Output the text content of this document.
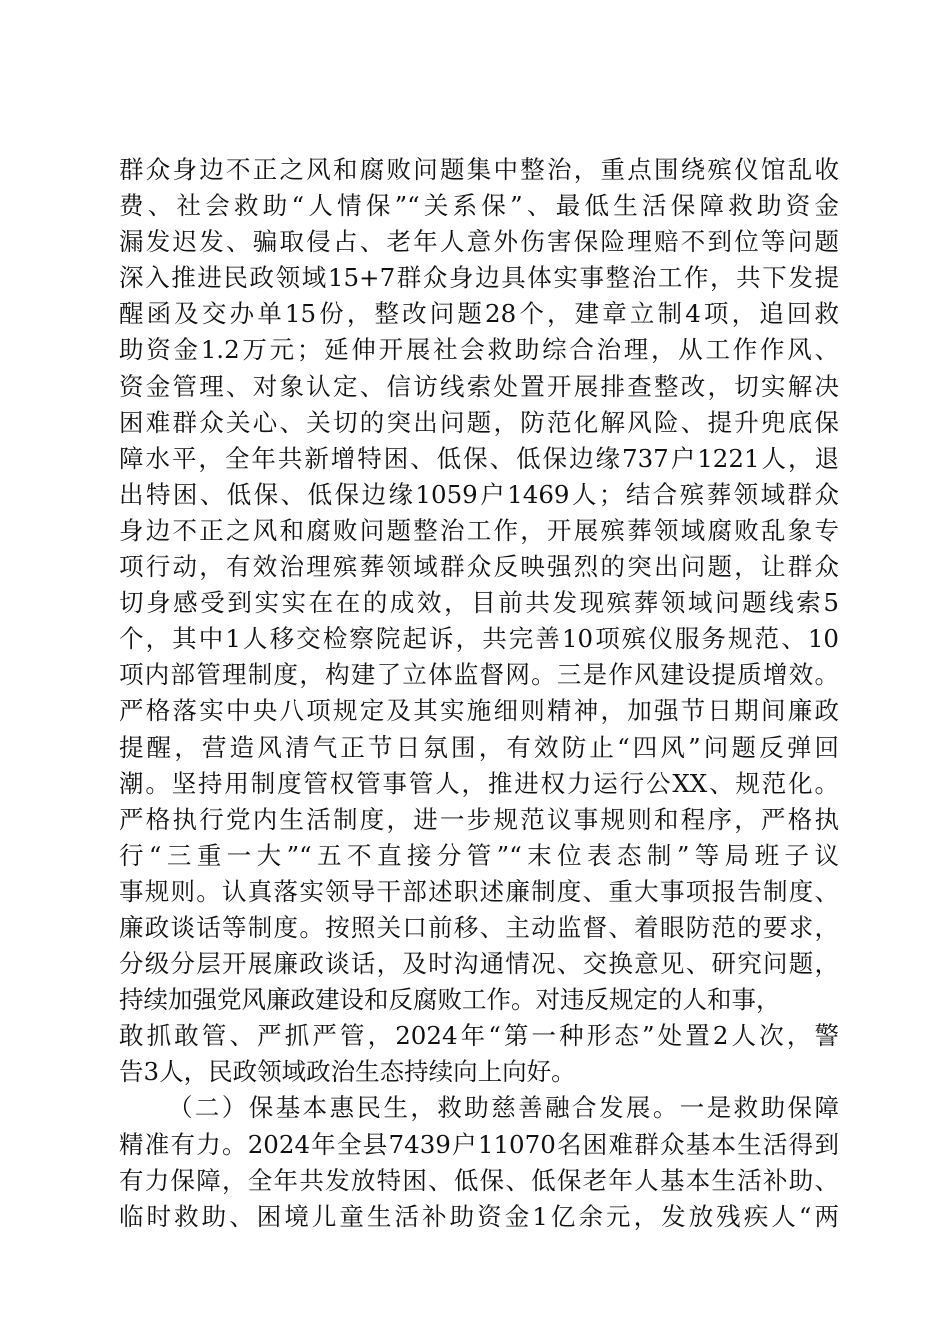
群众身边不正之风和腐败问题集中整治，重点围绕殡仪馆乱收
费、社会救助“人情保”“关系保”、最低生活保障救助资金
漏发迟发、骗取侵占、老年人意外伤害保险理赔不到位等问题
深入推进民政领域15+7群众身边具体实事整治工作，共下发提
醒函及交办单15份，整改问题28个，建章立制4项，追回救
助资金1.2万元；延伸开展社会救助综合治理，从工作作风、
资金管理、对象认定、信访线索处置开展排查整改，切实解决
困难群众关心、关切的突出问题，防范化解风险、提升兜底保
障水平，全年共新增特困、低保、低保边缘737户1221人，退
出特困、低保、低保边缘1059户1469人；结合殡葬领域群众
身边不正之风和腐败问题整治工作，开展殡葬领域腐败乱象专
项行动，有效治理殡葬领域群众反映强烈的突出问题，让群众
切身感受到实实在在的成效，目前共发现殡葬领域问题线索5
个，其中1人移交检察院起诉，共完善10项殡仪服务规范、10
项内部管理制度，构建了立体监督网。三是作风建设提质增效。
严格落实中央八项规定及其实施细则精神，加强节日期间廉政
提醒，营造风清气正节日氛围，有效防止“四风”问题反弹回
潮。坚持用制度管权管事管人，推进权力运行公XX、规范化。
严格执行党内生活制度，进一步规范议事规则和程序，严格执
行“三重一大”“五不直接分管”“末位表态制”等局班子议
事规则。认真落实领导干部述职述廉制度、重大事项报告制度、
廉政谈话等制度。按照关口前移、主动监督、着眼防范的要求，
分级分层开展廉政谈话，及时沟通情况、交换意见、研究问题，
持续加强党风廉政建设和反腐败工作。对违反规定的人和事，
敢抓敢管、严抓严管，2024年“第一种形态”处置2人次，警
告3人，民政领域政治生态持续向上向好。
（二）保基本惠民生，救助慈善融合发展。一是救助保障
精准有力。2024年全县7439户11070名困难群众基本生活得到
有力保障，全年共发放特困、低保、低保老年人基本生活补助、
临时救助、困境儿童生活补助资金1亿余元，发放残疾人“两
